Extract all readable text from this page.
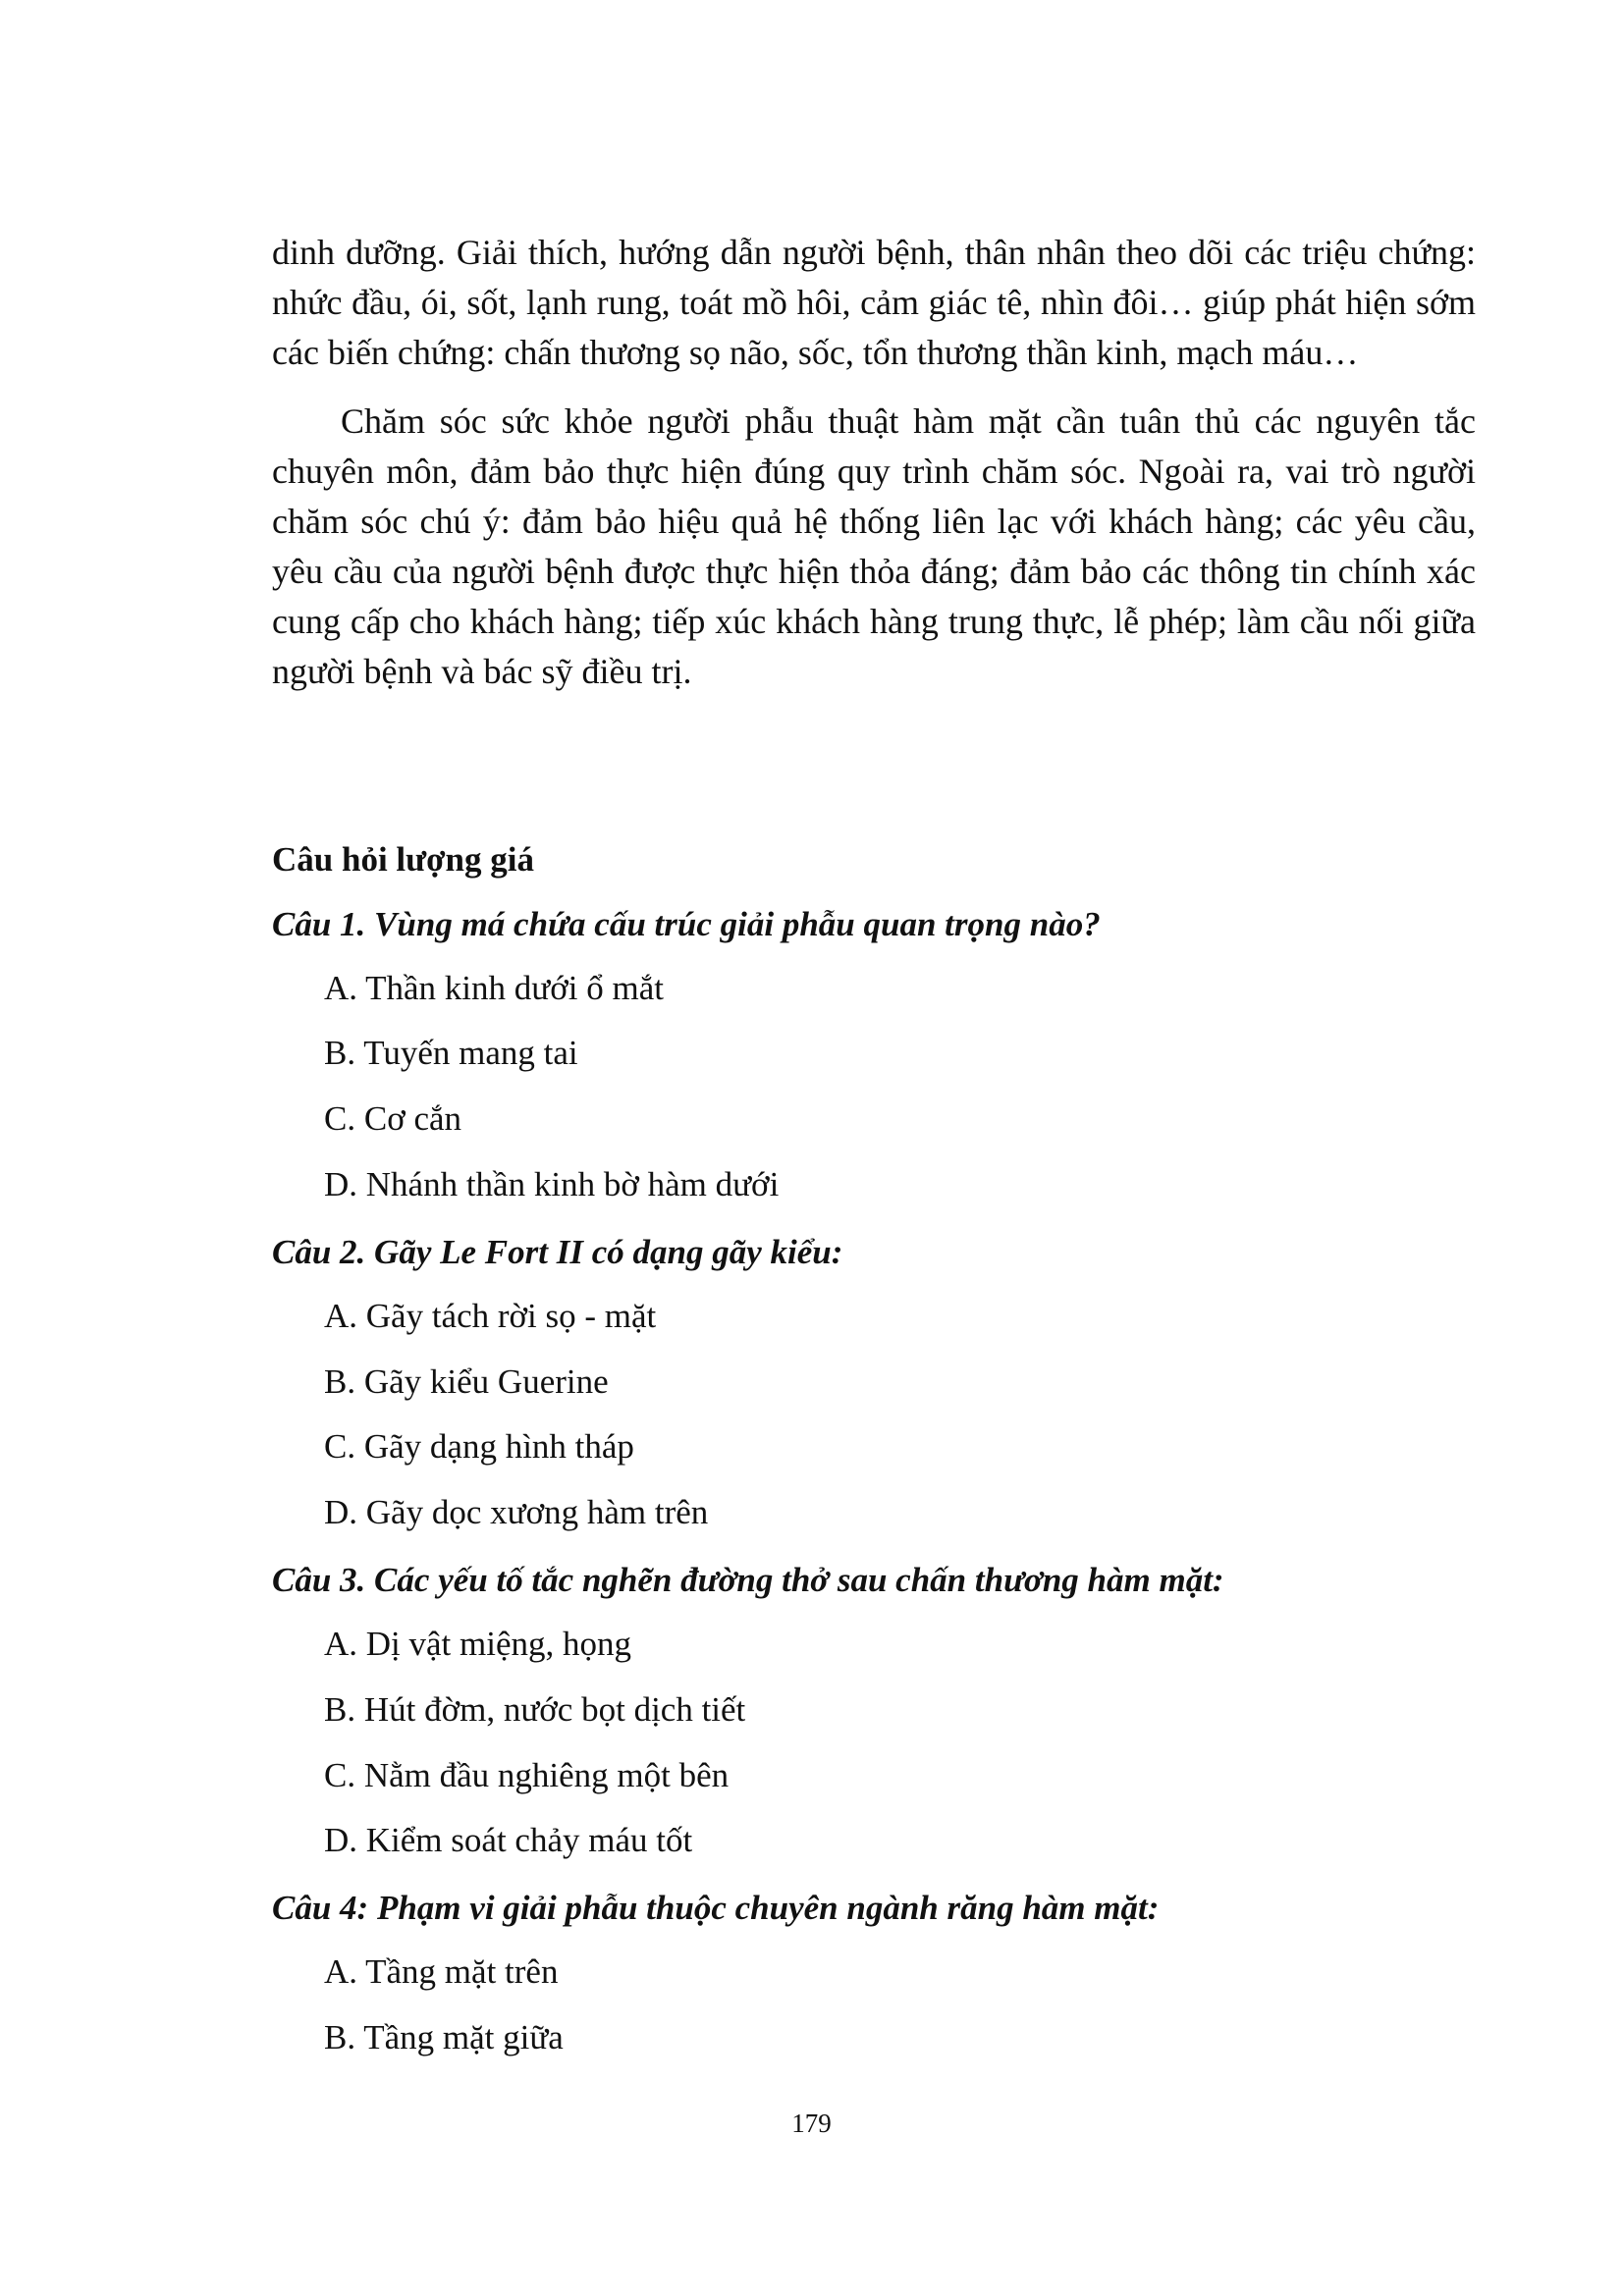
dinh dưỡng. Giải thích, hướng dẫn người bệnh, thân nhân theo dõi các triệu chứng: nhức đầu, ói, sốt, lạnh rung, toát mồ hôi, cảm giác tê, nhìn đôi… giúp phát hiện sớm các biến chứng: chấn thương sọ não, sốc, tổn thương thần kinh, mạch máu…

Chăm sóc sức khỏe người phẫu thuật hàm mặt cần tuân thủ các nguyên tắc chuyên môn, đảm bảo thực hiện đúng quy trình chăm sóc. Ngoài ra, vai trò người chăm sóc chú ý: đảm bảo hiệu quả hệ thống liên lạc với khách hàng; các yêu cầu, yêu cầu của người bệnh được thực hiện thỏa đáng; đảm bảo các thông tin chính xác cung cấp cho khách hàng; tiếp xúc khách hàng trung thực, lễ phép; làm cầu nối giữa người bệnh và bác sỹ điều trị.

Câu hỏi lượng giá

Câu 1. Vùng má chứa cấu trúc giải phẫu quan trọng nào?

A. Thần kinh dưới ổ mắt

B. Tuyến mang tai

C. Cơ cắn

D. Nhánh thần kinh bờ hàm dưới

Câu 2. Gãy Le Fort II có dạng gãy kiểu:

A. Gãy tách rời sọ - mặt

B. Gãy kiểu Guerine

C. Gãy dạng hình tháp

D. Gãy dọc xương hàm trên

Câu 3. Các yếu tố tắc nghẽn đường thở sau chấn thương hàm mặt:

A. Dị vật miệng, họng

B. Hút đờm, nước bọt dịch tiết

C. Nằm đầu nghiêng một bên

D. Kiểm soát chảy máu tốt

Câu 4: Phạm vi giải phẫu thuộc chuyên ngành răng hàm mặt:

A. Tầng mặt trên

B. Tầng mặt giữa

179
